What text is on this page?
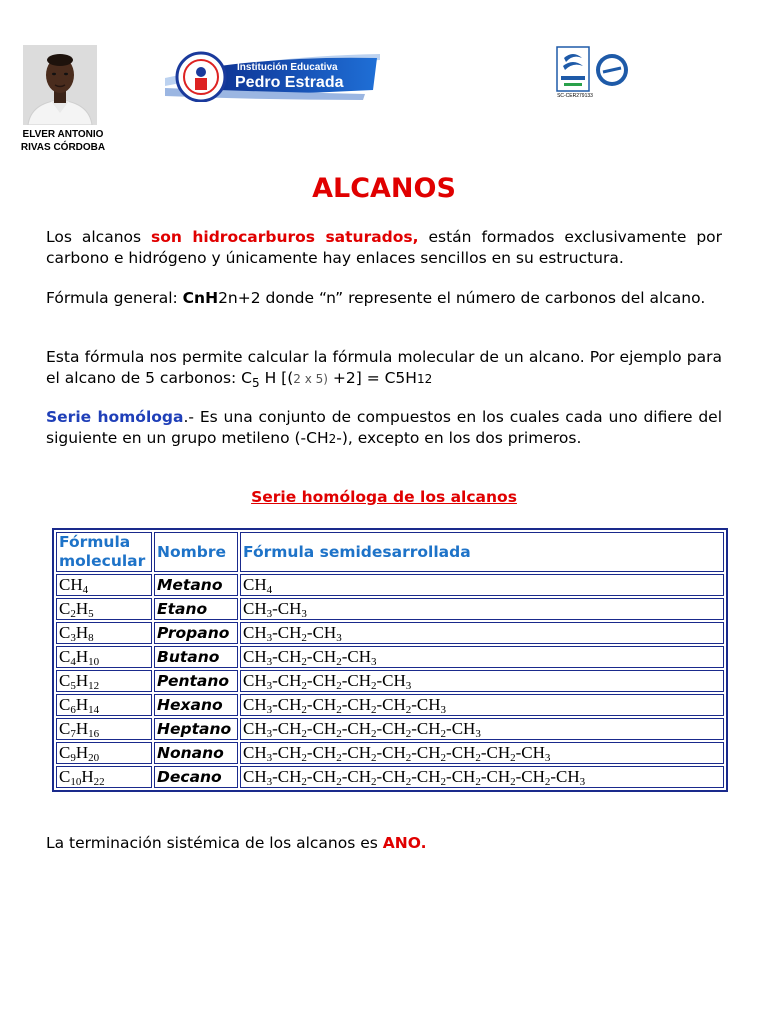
ELVER ANTONIO
RIVAS CÓRDOBA
Institución Educativa
Pedro Estrada
SC-CER279133
ALCANOS
Los alcanos son hidrocarburos saturados, están formados exclusivamente por carbono e hidrógeno y únicamente hay enlaces sencillos en su estructura.
Fórmula general: CnH2n+2 donde “n” represente el número de carbonos del alcano.
Esta fórmula nos permite calcular la fórmula molecular de un alcano. Por ejemplo para el alcano de 5 carbonos: $C_5$ H [(2 x 5) +2] = C5H12
Serie homóloga.- Es una conjunto de compuestos en los cuales cada uno difiere del siguiente en un grupo metileno (-CH2-), excepto en los dos primeros.
Serie homóloga de los alcanos
Fórmula molecular	Nombre	Fórmula semidesarrollada
$CH_4$	Metano	$CH_4$
$C_2H_5$	Etano	$CH_3-CH_3$
$C_3H_8$	Propano	$CH_3-CH_2-CH_3$
$C_4H_{10}$	Butano	$CH_3-CH_2-CH_2-CH_3$
$C_5H_{12}$	Pentano	$CH_3-CH_2-CH_2-CH_2-CH_3$
$C_6H_{14}$	Hexano	$CH_3-CH_2-CH_2-CH_2-CH_2-CH_3$
$C_7H_{16}$	Heptano	$CH_3-CH_2-CH_2-CH_2-CH_2-CH_2-CH_3$
$C_9H_{20}$	Nonano	$CH_3-CH_2-CH_2-CH_2-CH_2-CH_2-CH_2-CH_2-CH_3$
$C_{10}H_{22}$	Decano	$CH_3-CH_2-CH_2-CH_2-CH_2-CH_2-CH_2-CH_2-CH_2-CH_3$
La terminación sistémica de los alcanos es ANO.
